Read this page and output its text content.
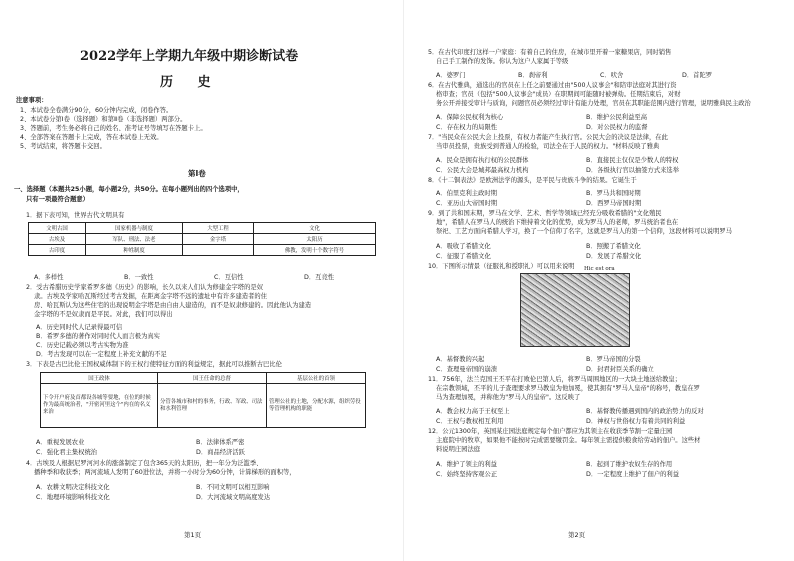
2022学年上学期九年级中期诊断试卷
历 史
注意事项：
1、本试卷全卷满分90分，60分钟内完成，闭卷作答。
2、本试卷分第Ⅰ卷（选择题）和第Ⅱ卷（非选择题）两部分。
3、答题前，考生务必将自己的姓名、准考证号等填写在答题卡上。
4、全部答案在答题卡上完成，答在本试卷上无效。
5、考试结束，将答题卡交回。
第Ⅰ卷
一、选择题（本题共25小题，每小题2分，共50分。在每小题列出的四个选项中，
只有一项最符合题意）
1．据下表可知，世界古代文明具有
文明古国	国家机器与制度	大型工程	文化
古埃及	军队、刑法、法老	金字塔	太阳历
古印度	种姓制度		佛教，发明十个数字符号
A．多样性	B．一致性	C．互信性	D．互竞性
2．受古希腊历史学家希罗多德《历史》的影响，长久以来人们认为修建金字塔的是奴
隶。古埃及学家哈瓦斯经过考古发掘，在距离金字塔不远的遗址中有许多建造者的住
房、哈瓦斯认为这些住宅的出现说明金字塔是由自由人建造的，而不是奴隶修建的。因此他认为建造
金字塔的不是奴隶而是平民。对此，我们可以得出
A．历史同时代人记录得最可信
B．希罗多德的著作对同时代人而言极为真实
C．历史记载必须以考古实物为准
D．考古发现可以在一定程度上补充文献的不足
3．下表是古巴比伦王国权威体制下的王权行使特征方面的利益规定，据此可以推断古巴比伦
国王政体	国王任命的总督	基层公社的首领
下令开户府及首都设各城等要地，在位的时候作为最高统治者，"开密河里这个"内在的名义来治	分管各城市和村的事务，行政、军政、司法和水利管理	管理公社的土地，分配水源，组织劳役等管理机构的职能
A．重视发展农业	B．法律体系严密
C．强化君主集权统治	D．商品经济活跃
4．古埃及人根据尼罗河河水的涨落制定了包含365天的太阳历，把一年分为泛滥季、
播种季和收获季；两河流域人发明了60进位法，并将一小时分为60分钟，计算梯形的面积等，
A．农耕文明决定科技文化	B．不同文明可以相互影响
C．地理环境影响科技文化	D．大河流域文明高度发达
第1页
5．在古代印度打这样一户家庭：有着自己的住房，在城市里开着一家糖果店，同时销售
自己手工制作的发饰。你认为这户人家属于等级
A．婆罗门	B．刹帝利	C．吠舍	D．首陀罗
6．在古代雅典，通选出的官员在上任之前要通过由"500人议事会"和陪审法庭对其进行资
格审查；官员（包括"500人议事会"成员）在职期间可能随时被弹劾。任期结束后，对财
务公开并接受审计与质询，问题官员必须经过审计有能力处理，官员在其职能范围内进行管理，说明雅典民主政治
A．保障公民权利为核心	B．维护公民利益至高
C．存在权力的局限性	D．对公民权力的监督
7．"当民众在公民大会上投票，有权力者能产生执行官。公民大会的决议是法律，在此
当审员投票，贵族受到普通人的检验，司法全在于人民的权力。"材料反映了雅典
A．民众是拥有执行权的公民群体	B．直接民主仅仅是少数人的特权
C．公民大会是城邦最高权力机构	D．各级执行官以抽签方式来选举
8．《十二铜表法》是欧洲法学的源头，是平民与贵族斗争的结果。它诞生于
A．伯里克利主政时期	B．罗马共和国时期
C．亚历山大帝国时期	D．西罗马帝国时期
9．到了共和国末期，罗马在文学、艺术、哲学等领域已经充分吸收希腊的"文化殖民
地"，希腊人在罗马人的统治下维持着文化的优势，成为罗马人的老师，罗马统治者也在
祭祀、工艺方面向希腊人学习，换了一个信仰了名字，这就是罗马人的第一个信仰，这段材料可以说明罗马
A．吸收了希腊文化	B．照搬了希腊文化
C．征服了希腊文化	D．发展了希腊文化
10．下图所示情景（征服礼和授职礼）可以用来说明 Hic est ora
A．基督教的兴起	B．罗马帝国的分裂
C．查理曼帝国的崩溃	D．封君封臣关系的确立
11．756年，法兰克国王丕平在打败伦巴第人后，将罗马周围地区的一大块土地送给教皇；
在宗教领域，丕平的儿子查理要求罗马教皇为他加冕，使其拥有"罗马人皇帝"的称号，教皇在罗
马为查理加冕，并称他为"罗马人的皇帝"。这反映了
A．教会权力高于王权至上	B．基督教传播遇到国内的政治势力的反对
C．王权与教权相互利用	D．神权与世俗权力有着共同的利益
12．公元1300年，英国某庄园法庭规定每个佃户都应为其领主在收获季节割一定量庄园
主庭院中的牧草，如果他不能按时完成需要缴罚金。每年领主需提供粮食给劳动的佃户。这些材
料说明庄园法庭
A．维护了领主的利益	B．起到了维护农奴生存的作用
C．始终坚持客观公正	D．一定程度上维护了佃户的利益
第2页
